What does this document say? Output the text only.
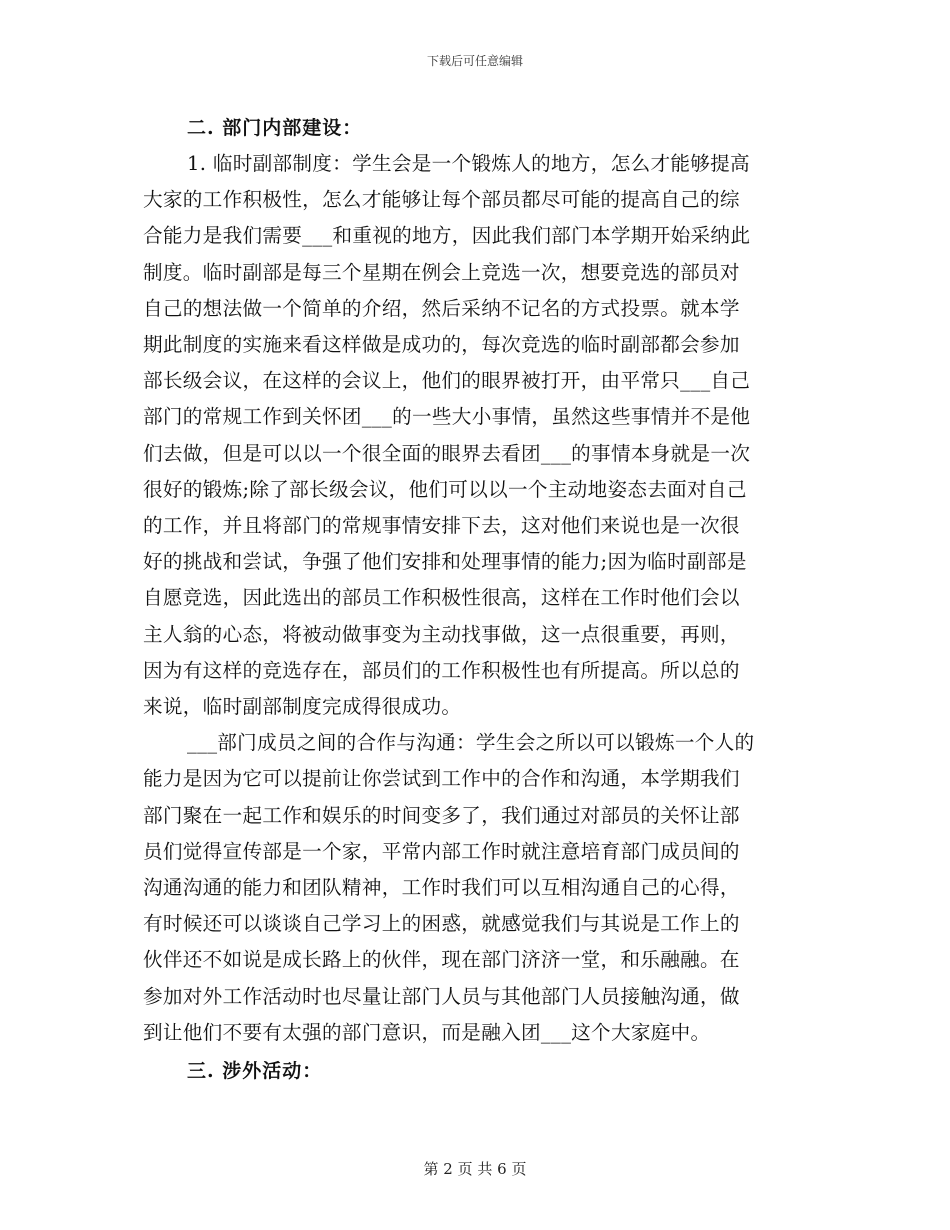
下载后可任意编辑
二. 部门内部建设：
1. 临时副部制度：学生会是一个锻炼人的地方，怎么才能够提高
大家的工作积极性，怎么才能够让每个部员都尽可能的提高自己的综
合能力是我们需要___和重视的地方，因此我们部门本学期开始采纳此
制度。临时副部是每三个星期在例会上竞选一次，想要竞选的部员对
自己的想法做一个简单的介绍，然后采纳不记名的方式投票。就本学
期此制度的实施来看这样做是成功的，每次竞选的临时副部都会参加
部长级会议，在这样的会议上，他们的眼界被打开，由平常只___自己
部门的常规工作到关怀团___的一些大小事情，虽然这些事情并不是他
们去做，但是可以以一个很全面的眼界去看团___的事情本身就是一次
很好的锻炼;除了部长级会议，他们可以以一个主动地姿态去面对自己
的工作，并且将部门的常规事情安排下去，这对他们来说也是一次很
好的挑战和尝试，争强了他们安排和处理事情的能力;因为临时副部是
自愿竞选，因此选出的部员工作积极性很高，这样在工作时他们会以
主人翁的心态，将被动做事变为主动找事做，这一点很重要，再则，
因为有这样的竞选存在，部员们的工作积极性也有所提高。所以总的
来说，临时副部制度完成得很成功。
___部门成员之间的合作与沟通：学生会之所以可以锻炼一个人的
能力是因为它可以提前让你尝试到工作中的合作和沟通，本学期我们
部门聚在一起工作和娱乐的时间变多了，我们通过对部员的关怀让部
员们觉得宣传部是一个家，平常内部工作时就注意培育部门成员间的
沟通沟通的能力和团队精神，工作时我们可以互相沟通自己的心得，
有时候还可以谈谈自己学习上的困惑，就感觉我们与其说是工作上的
伙伴还不如说是成长路上的伙伴，现在部门济济一堂，和乐融融。在
参加对外工作活动时也尽量让部门人员与其他部门人员接触沟通，做
到让他们不要有太强的部门意识，而是融入团___这个大家庭中。
三. 涉外活动：
第 2 页 共 6 页
